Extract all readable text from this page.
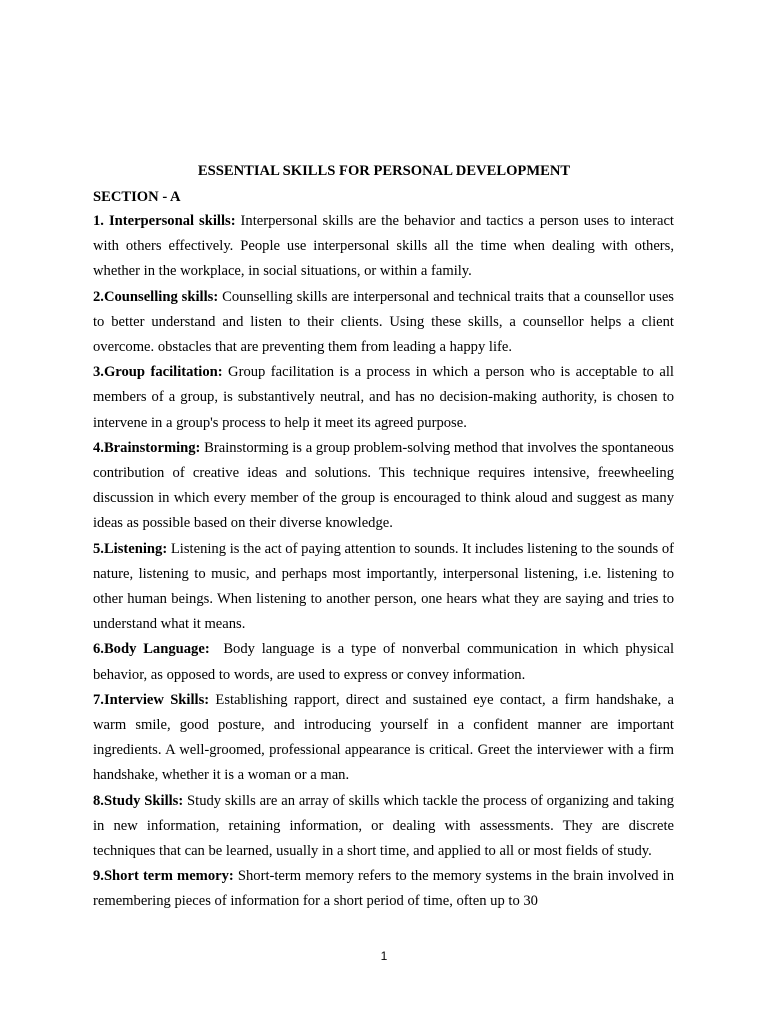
ESSENTIAL SKILLS FOR PERSONAL DEVELOPMENT
SECTION - A

1. Interpersonal skills: Interpersonal skills are the behavior and tactics a person uses to interact with others effectively. People use interpersonal skills all the time when dealing with others, whether in the workplace, in social situations, or within a family.

2.Counselling skills: Counselling skills are interpersonal and technical traits that a counsellor uses to better understand and listen to their clients. Using these skills, a counsellor helps a client overcome. obstacles that are preventing them from leading a happy life.

3.Group facilitation: Group facilitation is a process in which a person who is acceptable to all members of a group, is substantively neutral, and has no decision-making authority, is chosen to intervene in a group's process to help it meet its agreed purpose.

4.Brainstorming: Brainstorming is a group problem-solving method that involves the spontaneous contribution of creative ideas and solutions. This technique requires intensive, freewheeling discussion in which every member of the group is encouraged to think aloud and suggest as many ideas as possible based on their diverse knowledge.

5.Listening: Listening is the act of paying attention to sounds. It includes listening to the sounds of nature, listening to music, and perhaps most importantly, interpersonal listening, i.e. listening to other human beings. When listening to another person, one hears what they are saying and tries to understand what it means.

6.Body Language:  Body language is a type of nonverbal communication in which physical behavior, as opposed to words, are used to express or convey information.

7.Interview Skills: Establishing rapport, direct and sustained eye contact, a firm handshake, a warm smile, good posture, and introducing yourself in a confident manner are important ingredients. A well-groomed, professional appearance is critical. Greet the interviewer with a firm handshake, whether it is a woman or a man.

8.Study Skills: Study skills are an array of skills which tackle the process of organizing and taking in new information, retaining information, or dealing with assessments. They are discrete techniques that can be learned, usually in a short time, and applied to all or most fields of study.

9.Short term memory: Short-term memory refers to the memory systems in the brain involved in remembering pieces of information for a short period of time, often up to 30

1
